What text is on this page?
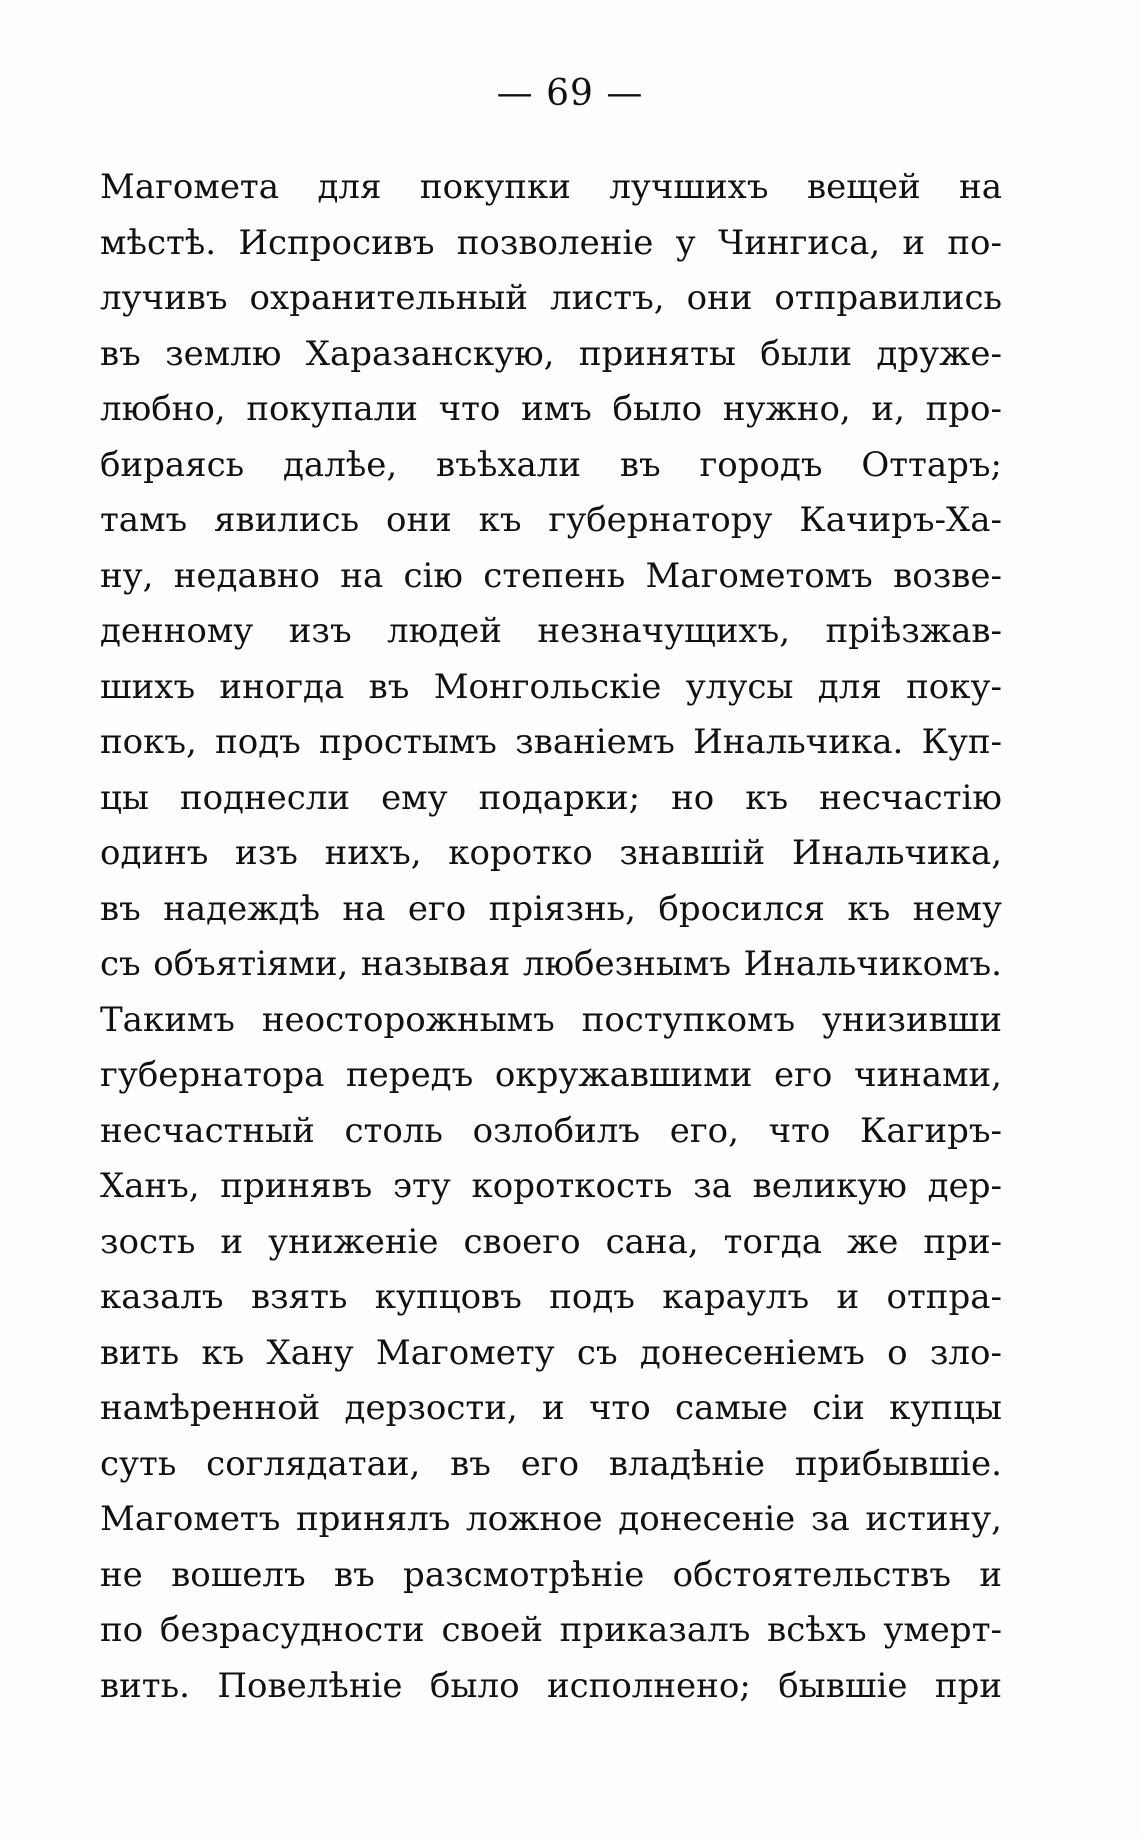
— 69 —
Магомета для покупки лучшихъ вещей на
мѣстѣ. Испросивъ позволенiе у Чингиса, и по-
лучивъ охранительный листъ, они отправились
въ землю Харазанскую, приняты были друже-
любно, покупали что имъ было нужно, и, про-
бираясь далѣе, въѣхали въ городъ Оттаръ;
тамъ явились они къ губернатору Качиръ-Ха-
ну, недавно на сiю степень Магометомъ возве-
денному изъ людей незначущихъ, прiѣзжав-
шихъ иногда въ Монгольскiе улусы для поку-
покъ, подъ простымъ званiемъ Инальчика. Куп-
цы поднесли ему подарки; но къ несчастiю
одинъ изъ нихъ, коротко знавшiй Инальчика,
въ надеждѣ на его прiязнь, бросился къ нему
съ объятiями, называя любезнымъ Инальчикомъ.
Такимъ неосторожнымъ поступкомъ унизивши
губернатора передъ окружавшими его чинами,
несчастный столь озлобилъ его, что Кагиръ-
Ханъ, принявъ эту короткость за великую дер-
зость и униженiе своего сана, тогда же при-
казалъ взять купцовъ подъ караулъ и отпра-
вить къ Хану Магомету съ донесенiемъ о зло-
намѣренной дерзости, и что самые сiи купцы
суть соглядатаи, въ его владѣнiе прибывшiе.
Магометъ принялъ ложное донесенiе за истину,
не вошелъ въ разсмотрѣнiе обстоятельствъ и
по безрасудности своей приказалъ всѣхъ умерт-
вить. Повелѣнiе было исполнено; бывшiе при
